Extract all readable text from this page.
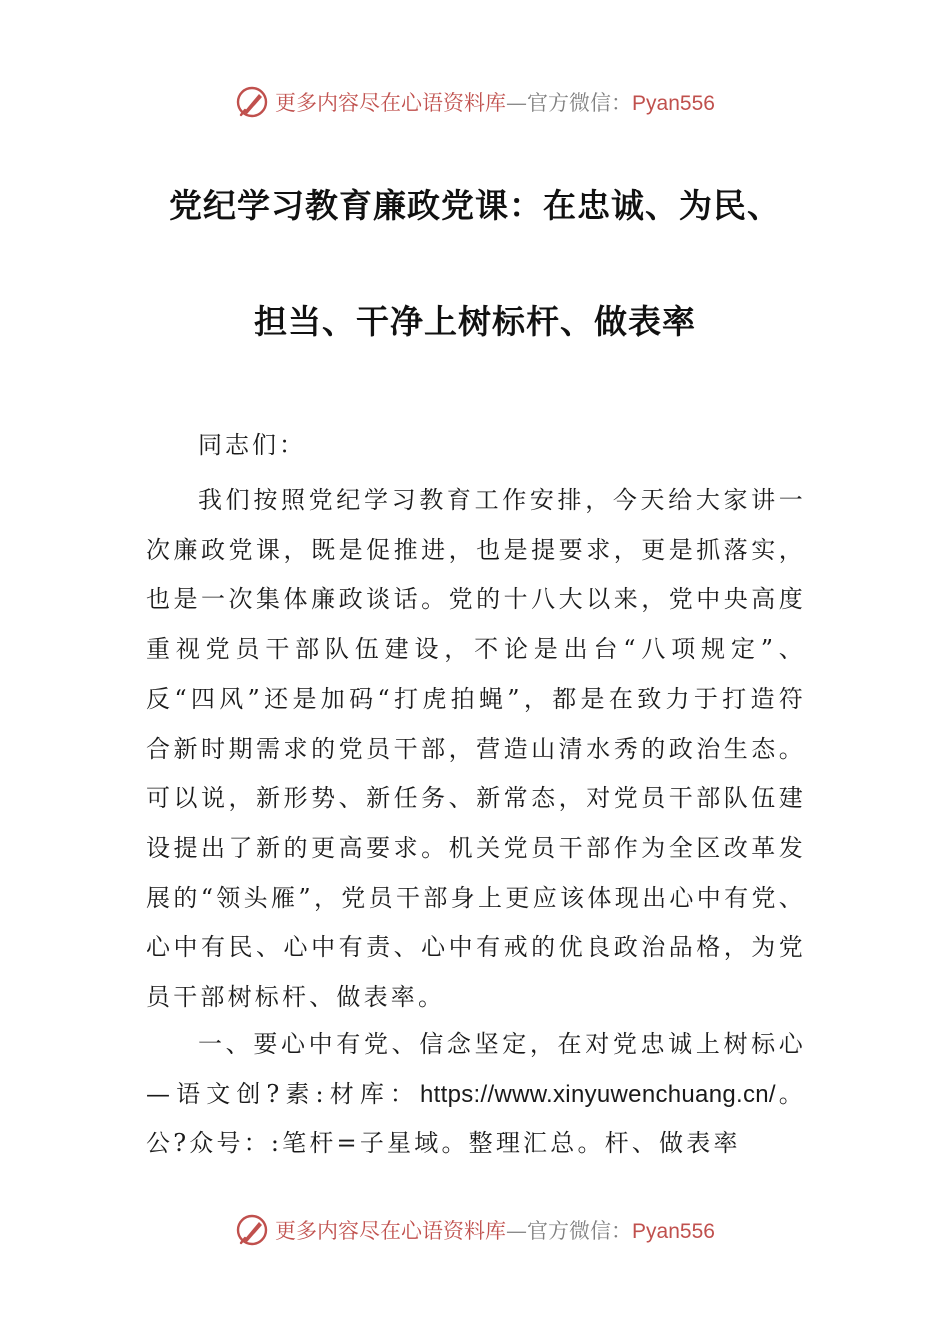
更多内容尽在心语资料库—官方微信：Pyan556
党纪学习教育廉政党课：在忠诚、为民、
担当、干净上树标杆、做表率
同志们：

我们按照党纪学习教育工作安排，今天给大家讲一次廉政党课，既是促推进，也是提要求，更是抓落实，也是一次集体廉政谈话。党的十八大以来，党中央高度重视党员干部队伍建设，不论是出台“八项规定”、反“四风”还是加码“打虎拍蝇”，都是在致力于打造符合新时期需求的党员干部，营造山清水秀的政治生态。可以说，新形势、新任务、新常态，对党员干部队伍建设提出了新的更高要求。机关党员干部作为全区改革发展的“领头雁”，党员干部身上更应该体现出心中有党、心中有民、心中有责、心中有戒的优良政治品格，为党员干部树标杆、做表率。

一、要心中有党、信念坚定，在对党忠诚上树标心—语文创?素:材库：https://www.xinyuwenchuang.cn/。公?众号：:笔杆=子星域。整理汇总。杆、做表率

更多内容尽在心语资料库—官方微信：Pyan556
